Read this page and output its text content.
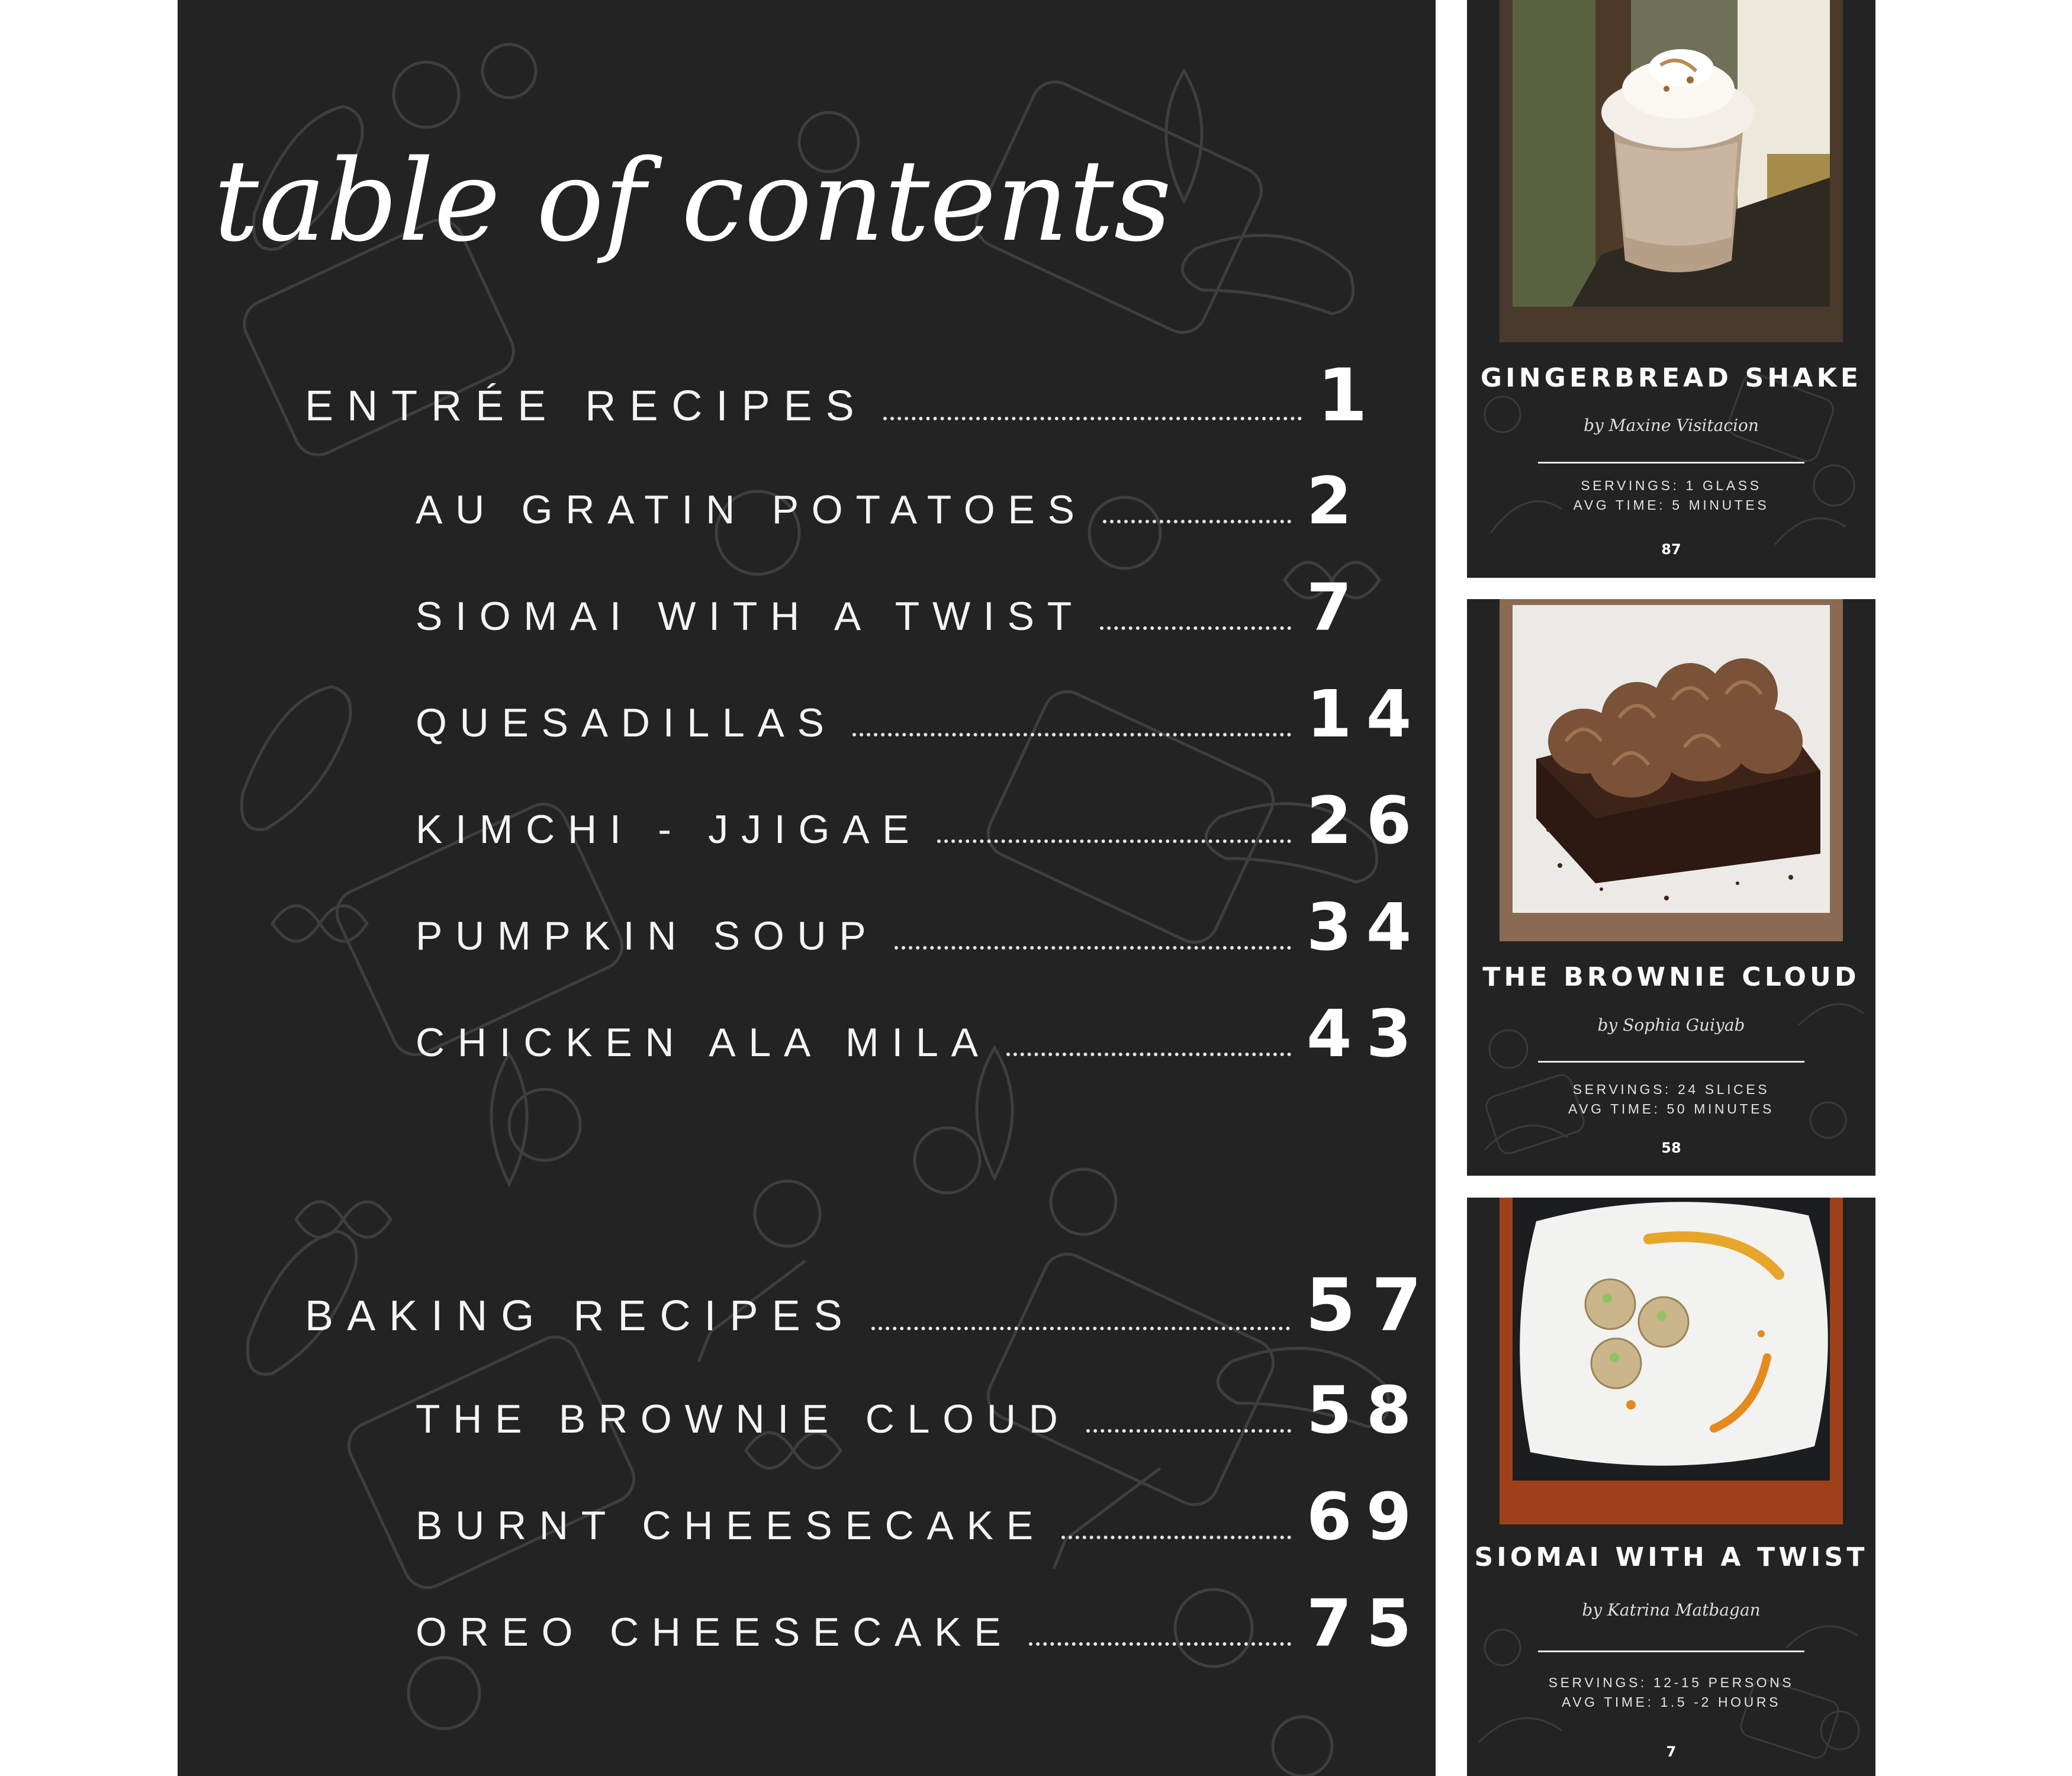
table of contents
ENTRÉE RECIPES	1
AU GRATIN POTATOES	2
SIOMAI WITH A TWIST	7
QUESADILLAS	14
KIMCHI - JJIGAE	26
PUMPKIN SOUP	34
CHICKEN ALA MILA	43
BAKING RECIPES	57
THE BROWNIE CLOUD	58
BURNT CHEESECAKE	69
OREO CHEESECAKE	75
GINGERBREAD SHAKE
by Maxine Visitacion
SERVINGS: 1 GLASS
AVG TIME: 5 MINUTES
87
THE BROWNIE CLOUD
by Sophia Guiyab
SERVINGS: 24 SLICES
AVG TIME: 50 MINUTES
58
SIOMAI WITH A TWIST
by Katrina Matbagan
SERVINGS: 12-15 PERSONS
AVG TIME: 1.5 -2 HOURS
7
